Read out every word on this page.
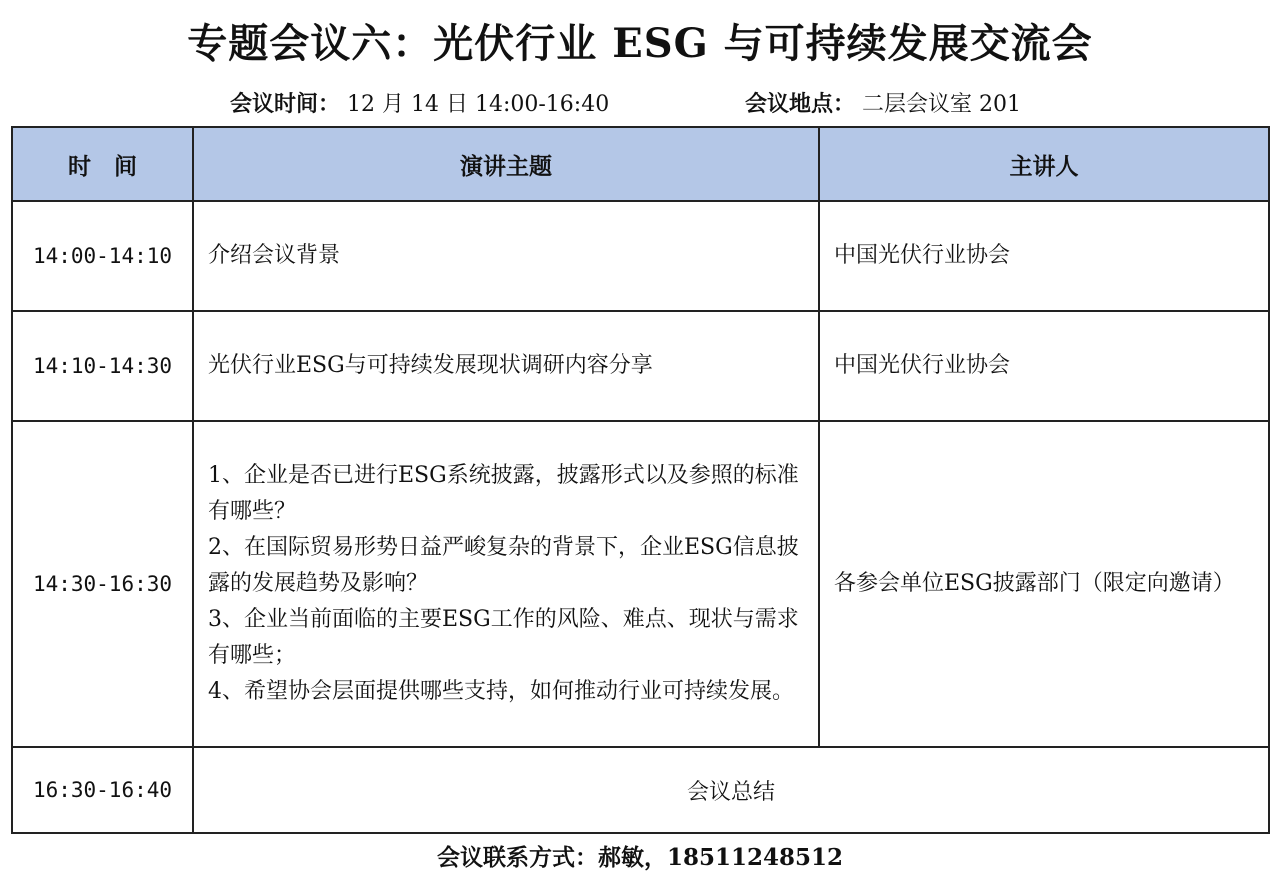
专题会议六：光伏行业 ESG 与可持续发展交流会
会议时间： 12 月 14 日 14:00-16:40	会议地点： 二层会议室 201
时　间	演讲主题	主讲人
14:00-14:10	介绍会议背景	中国光伏行业协会
14:10-14:30	光伏行业ESG与可持续发展现状调研内容分享	中国光伏行业协会
14:30-16:30	1、企业是否已进行ESG系统披露，披露形式以及参照的标准有哪些？
2、在国际贸易形势日益严峻复杂的背景下，企业ESG信息披露的发展趋势及影响？
3、企业当前面临的主要ESG工作的风险、难点、现状与需求有哪些；
4、希望协会层面提供哪些支持，如何推动行业可持续发展。	各参会单位ESG披露部门（限定向邀请）
16:30-16:40	会议总结	
会议联系方式：郝敏，18511248512
